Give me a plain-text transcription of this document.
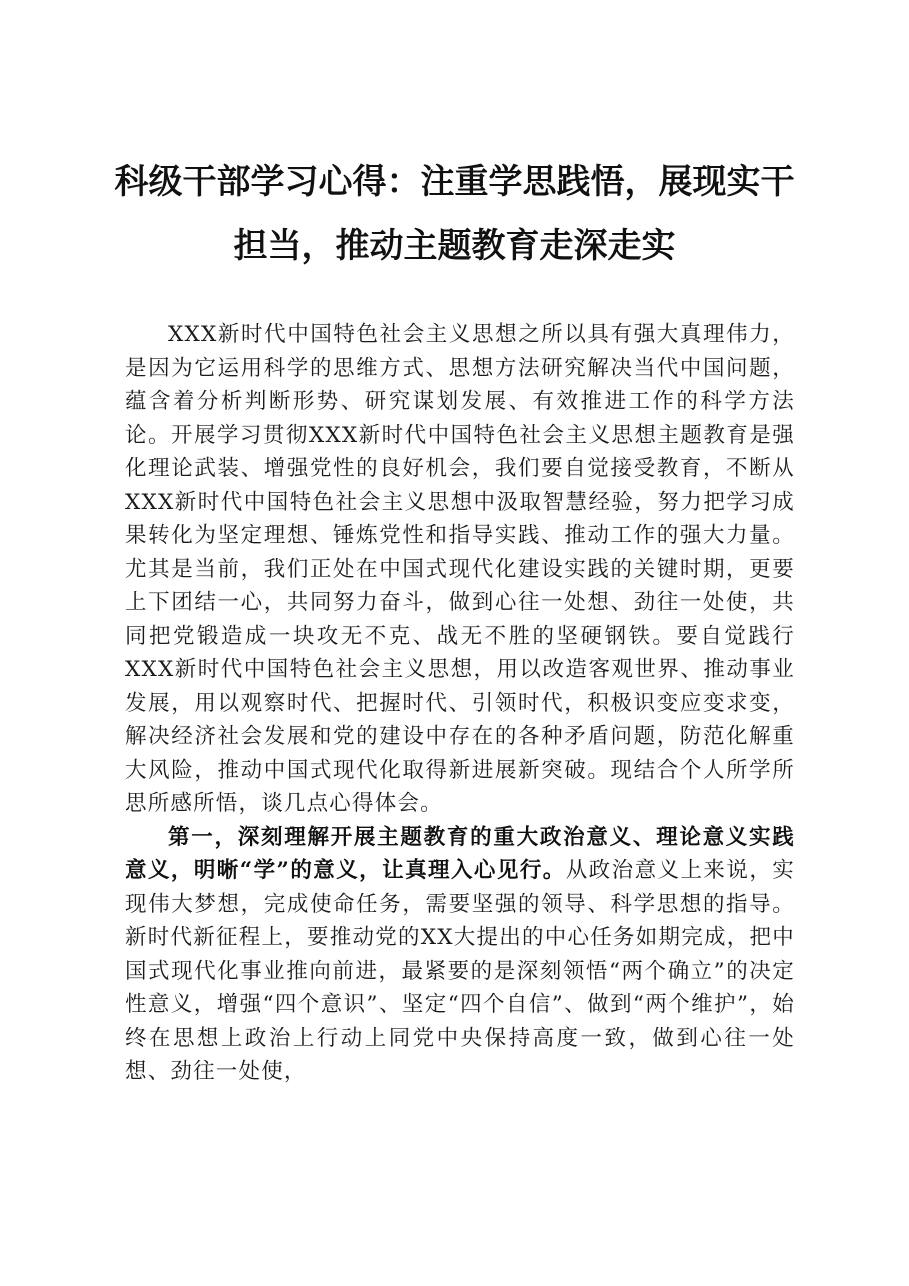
科级干部学习心得：注重学思践悟，展现实干担当，推动主题教育走深走实

XXX新时代中国特色社会主义思想之所以具有强大真理伟力，是因为它运用科学的思维方式、思想方法研究解决当代中国问题，蕴含着分析判断形势、研究谋划发展、有效推进工作的科学方法论。开展学习贯彻XXX新时代中国特色社会主义思想主题教育是强化理论武装、增强党性的良好机会，我们要自觉接受教育，不断从XXX新时代中国特色社会主义思想中汲取智慧经验，努力把学习成果转化为坚定理想、锤炼党性和指导实践、推动工作的强大力量。尤其是当前，我们正处在中国式现代化建设实践的关键时期，更要上下团结一心，共同努力奋斗，做到心往一处想、劲往一处使，共同把党锻造成一块攻无不克、战无不胜的坚硬钢铁。要自觉践行XXX新时代中国特色社会主义思想，用以改造客观世界、推动事业发展，用以观察时代、把握时代、引领时代，积极识变应变求变，解决经济社会发展和党的建设中存在的各种矛盾问题，防范化解重大风险，推动中国式现代化取得新进展新突破。现结合个人所学所思所感所悟，谈几点心得体会。

第一，深刻理解开展主题教育的重大政治意义、理论意义实践意义，明晰“学”的意义，让真理入心见行。从政治意义上来说，实现伟大梦想，完成使命任务，需要坚强的领导、科学思想的指导。新时代新征程上，要推动党的XX大提出的中心任务如期完成，把中国式现代化事业推向前进，最紧要的是深刻领悟“两个确立”的决定性意义，增强“四个意识”、坚定“四个自信”、做到“两个维护”，始终在思想上政治上行动上同党中央保持高度一致，做到心往一处想、劲往一处使，
